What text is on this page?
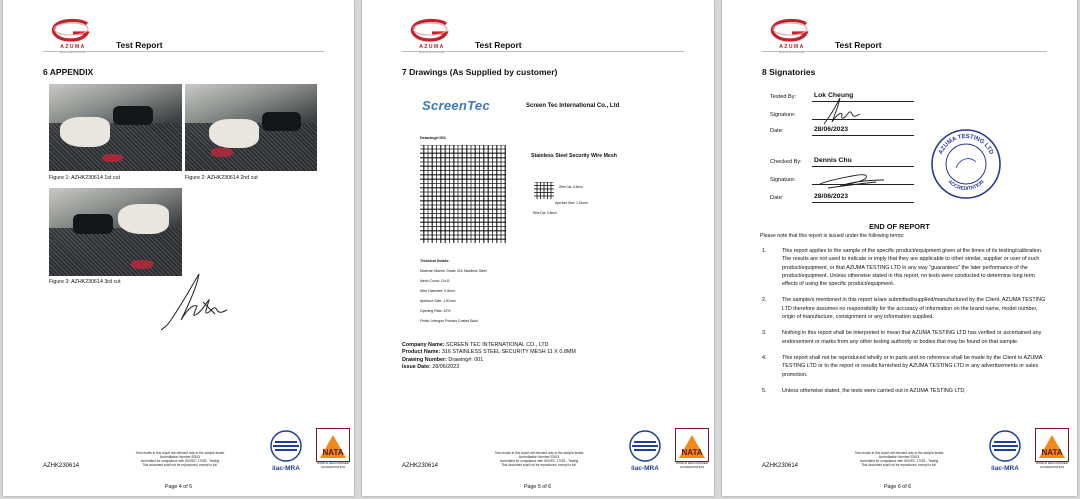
AZUMA
HONGKONG
Test Report
6 APPENDIX
Figure 1: AZHK230614 1st cut	Figure 2: AZHK230614 2nd cut
Figure 3: AZHK230614 3rd cut
AZHK230614
Test results in this report are relevant only to the sample tested
Accreditation Number:20513
Accredited for compliance with ISO/IEC 17025 - Testing
This document shall not be reproduced, except in full.
Page 4 of 6
ilac-MRA
NATA
ACCREDITATION
AZUMA
HONGKONG
Test Report
7 Drawings (As Supplied by customer)
ScreenTec	Screen Tec International Co., Ltd
Drawing#:001
Stainless Steel Security Wire Mesh
Wire Dia. 0.8mm
Aperture Size: 1.51mm
Wire Dia. 0.8mm
Technical Details:
Material: Marine Grade 316 Stainless Steel
Mesh Count: 11x11
Wire Diameter: 0.8mm
Aperture Size: 1.51mm
Opening Rate: 42%
Finish: Intergon Powder Coated Back
Company Name: SCREEN TEC INTERNATIONAL CO., LTD
Product Name: 316 STAINLESS STEEL SECURITY MESH 11 X 0.8MM
Drawing Number: Drawing#: 001
Issue Date: 28/06/2023
AZHK230614
Test results in this report are relevant only to the sample tested
Accreditation Number:20513
Accredited for compliance with ISO/IEC 17025 - Testing
This document shall not be reproduced, except in full.
Page 5 of 6
ilac-MRA
NATA
ACCREDITATION
AZUMA
HONGKONG
Test Report
8 Signatories
Tested By:	Lok Cheung
Signature:
Date:	28/06/2023
Checked By: Dennis Chu
Signature:
Date:	28/06/2023
AZUMA TESTING LTD
ACCREDITATION
END OF REPORT
Please note that this report is issued under the following terms:
1.	This report applies to the sample of the specific product/equipment given at the times of its testing/calibration. The results are not used to indicate or imply that they are applicable to other similar, supplier or user of such product/equipment, or that AZUMA TESTING LTD in any way "guarantees" the later performance of the product/equipment. Unless otherwise stated in this report, no tests were conducted to determine long term effects of using the specific product/equipment.
2.	The sample/s mentioned in this report is/are submitted/supplied/manufactured by the Client. AZUMA TESTING LTD therefore assumes no responsibility for the accuracy of information on the brand name, model number, origin of manufacture, consignment or any information supplied.
3.	Nothing in this report shall be interpreted to mean that AZUMA TESTING LTD has verified or ascertained any endorsement or marks from any other testing authority or bodies that may be found on that sample.
4.	This report shall not be reproduced wholly or in parts and no reference shall be made by the Client to AZUMA TESTING LTD or to the report or results furnished by AZUMA TESTING LTD in any advertisements or sales promotion.
5.	Unless otherwise stated, the tests were carried out in AZUMA TESTING LTD,
AZHK230614
Test results in this report are relevant only to the sample tested
Accreditation Number:20513
Accredited for compliance with ISO/IEC 17025 - Testing
This document shall not be reproduced, except in full.
Page 6 of 6
ilac-MRA
NATA
ACCREDITATION
